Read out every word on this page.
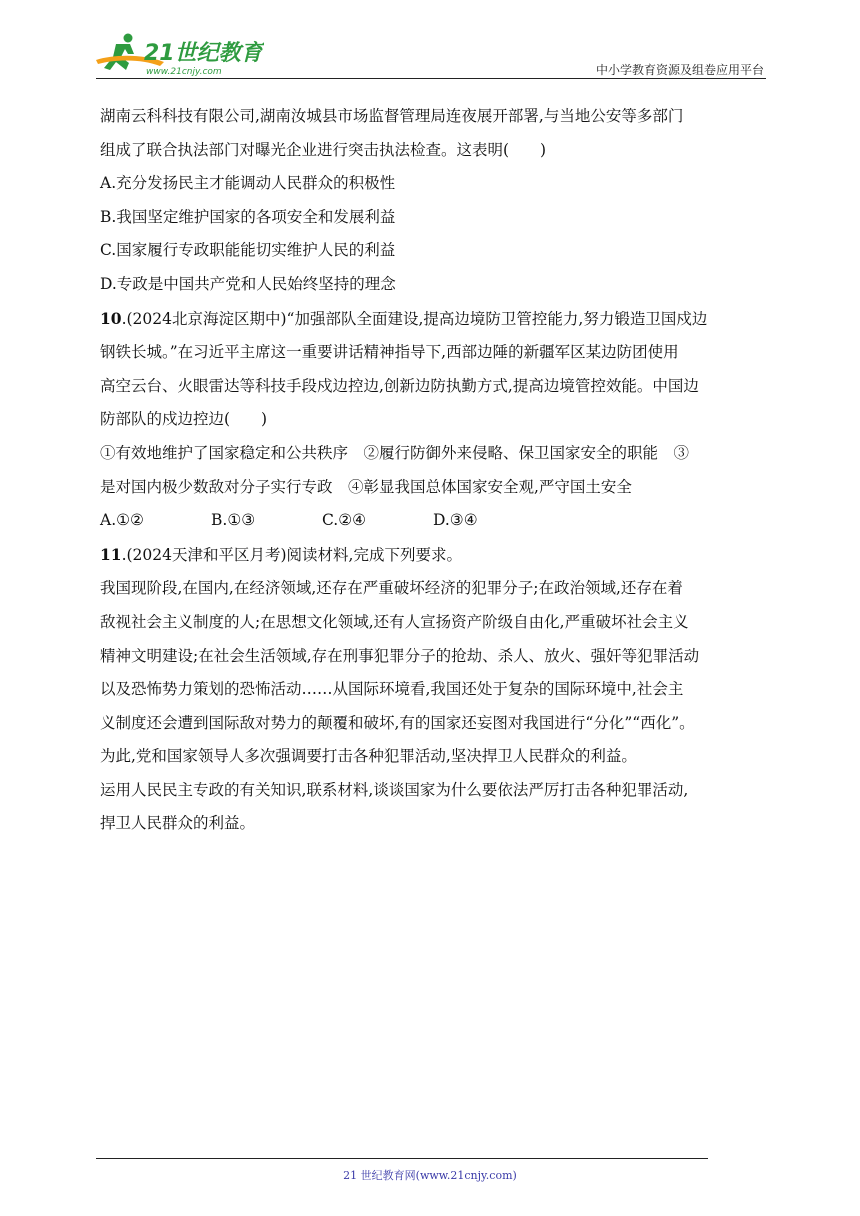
21世纪教育
www.21cnjy.com	中小学教育资源及组卷应用平台

湖南云科科技有限公司,湖南汝城县市场监督管理局连夜展开部署,与当地公安等多部门

组成了联合执法部门对曝光企业进行突击执法检查。这表明(　　)

A.充分发扬民主才能调动人民群众的积极性

B.我国坚定维护国家的各项安全和发展利益

C.国家履行专政职能能切实维护人民的利益

D.专政是中国共产党和人民始终坚持的理念

10.(2024北京海淀区期中)“加强部队全面建设,提高边境防卫管控能力,努力锻造卫国戍边

钢铁长城。”在习近平主席这一重要讲话精神指导下,西部边陲的新疆军区某边防团使用

高空云台、火眼雷达等科技手段戍边控边,创新边防执勤方式,提高边境管控效能。中国边

防部队的戍边控边(　　)

①有效地维护了国家稳定和公共秩序　②履行防御外来侵略、保卫国家安全的职能　③

是对国内极少数敌对分子实行专政　④彰显我国总体国家安全观,严守国土安全

A.①②	B.①③	C.②④	D.③④

11.(2024天津和平区月考)阅读材料,完成下列要求。

我国现阶段,在国内,在经济领域,还存在严重破坏经济的犯罪分子;在政治领域,还存在着

敌视社会主义制度的人;在思想文化领域,还有人宣扬资产阶级自由化,严重破坏社会主义

精神文明建设;在社会生活领域,存在刑事犯罪分子的抢劫、杀人、放火、强奸等犯罪活动

以及恐怖势力策划的恐怖活动……从国际环境看,我国还处于复杂的国际环境中,社会主

义制度还会遭到国际敌对势力的颠覆和破坏,有的国家还妄图对我国进行“分化”“西化”。

为此,党和国家领导人多次强调要打击各种犯罪活动,坚决捍卫人民群众的利益。

运用人民民主专政的有关知识,联系材料,谈谈国家为什么要依法严厉打击各种犯罪活动,

捍卫人民群众的利益。

21 世纪教育网(www.21cnjy.com)
